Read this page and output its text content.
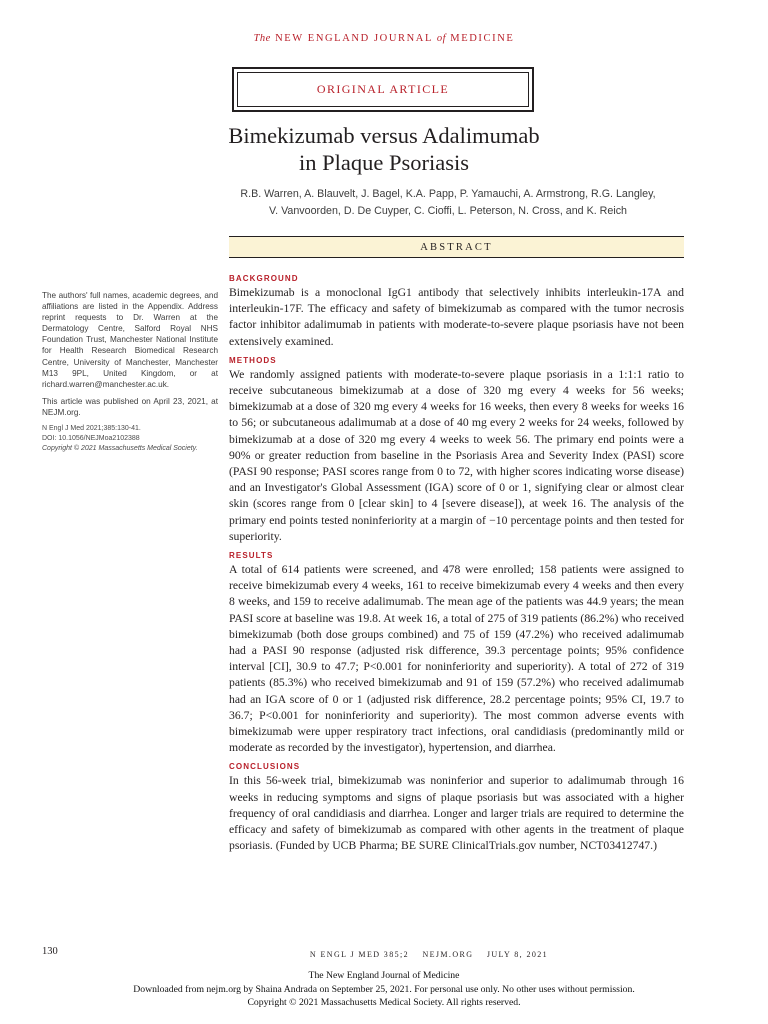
The NEW ENGLAND JOURNAL of MEDICINE
ORIGINAL ARTICLE
Bimekizumab versus Adalimumab
in Plaque Psoriasis
R.B. Warren, A. Blauvelt, J. Bagel, K.A. Papp, P. Yamauchi, A. Armstrong, R.G. Langley,
V. Vanvoorden, D. De Cuyper, C. Cioffi, L. Peterson, N. Cross, and K. Reich
ABSTRACT

The authors' full names, academic degrees, and affiliations are listed in the Appendix. Address reprint requests to Dr. Warren at the Dermatology Centre, Salford Royal NHS Foundation Trust, Manchester National Institute for Health Research Biomedical Research Centre, University of Manchester, Manchester M13 9PL, United Kingdom, or at richard.warren@manchester.ac.uk.

This article was published on April 23, 2021, at NEJM.org.

N Engl J Med 2021;385:130-41.
DOI: 10.1056/NEJMoa2102388
Copyright © 2021 Massachusetts Medical Society.
BACKGROUND

Bimekizumab is a monoclonal IgG1 antibody that selectively inhibits interleukin-17A and interleukin-17F. The efficacy and safety of bimekizumab as compared with the tumor necrosis factor inhibitor adalimumab in patients with moderate-to-severe plaque psoriasis have not been extensively examined.

METHODS

We randomly assigned patients with moderate-to-severe plaque psoriasis in a 1:1:1 ratio to receive subcutaneous bimekizumab at a dose of 320 mg every 4 weeks for 56 weeks; bimekizumab at a dose of 320 mg every 4 weeks for 16 weeks, then every 8 weeks for weeks 16 to 56; or subcutaneous adalimumab at a dose of 40 mg every 2 weeks for 24 weeks, followed by bimekizumab at a dose of 320 mg every 4 weeks to week 56. The primary end points were a 90% or greater reduction from baseline in the Psoriasis Area and Severity Index (PASI) score (PASI 90 response; PASI scores range from 0 to 72, with higher scores indicating worse disease) and an Investigator's Global Assessment (IGA) score of 0 or 1, signifying clear or almost clear skin (scores range from 0 [clear skin] to 4 [severe disease]), at week 16. The analysis of the primary end points tested noninferiority at a margin of −10 percentage points and then tested for superiority.

RESULTS

A total of 614 patients were screened, and 478 were enrolled; 158 patients were assigned to receive bimekizumab every 4 weeks, 161 to receive bimekizumab every 4 weeks and then every 8 weeks, and 159 to receive adalimumab. The mean age of the patients was 44.9 years; the mean PASI score at baseline was 19.8. At week 16, a total of 275 of 319 patients (86.2%) who received bimekizumab (both dose groups combined) and 75 of 159 (47.2%) who received adalimumab had a PASI 90 response (adjusted risk difference, 39.3 percentage points; 95% confidence interval [CI], 30.9 to 47.7; P<0.001 for noninferiority and superiority). A total of 272 of 319 patients (85.3%) who received bimekizumab and 91 of 159 (57.2%) who received adalimumab had an IGA score of 0 or 1 (adjusted risk difference, 28.2 percentage points; 95% CI, 19.7 to 36.7; P<0.001 for noninferiority and superiority). The most common adverse events with bimekizumab were upper respiratory tract infections, oral candidiasis (predominantly mild or moderate as recorded by the investigator), hypertension, and diarrhea.

CONCLUSIONS

In this 56-week trial, bimekizumab was noninferior and superior to adalimumab through 16 weeks in reducing symptoms and signs of plaque psoriasis but was associated with a higher frequency of oral candidiasis and diarrhea. Longer and larger trials are required to determine the efficacy and safety of bimekizumab as compared with other agents in the treatment of plaque psoriasis. (Funded by UCB Pharma; BE SURE ClinicalTrials.gov number, NCT03412747.)

130	N ENGL J MED 385;2 NEJM.ORG JULY 8, 2021
The New England Journal of Medicine
Downloaded from nejm.org by Shaina Andrada on September 25, 2021. For personal use only. No other uses without permission.
Copyright © 2021 Massachusetts Medical Society. All rights reserved.
